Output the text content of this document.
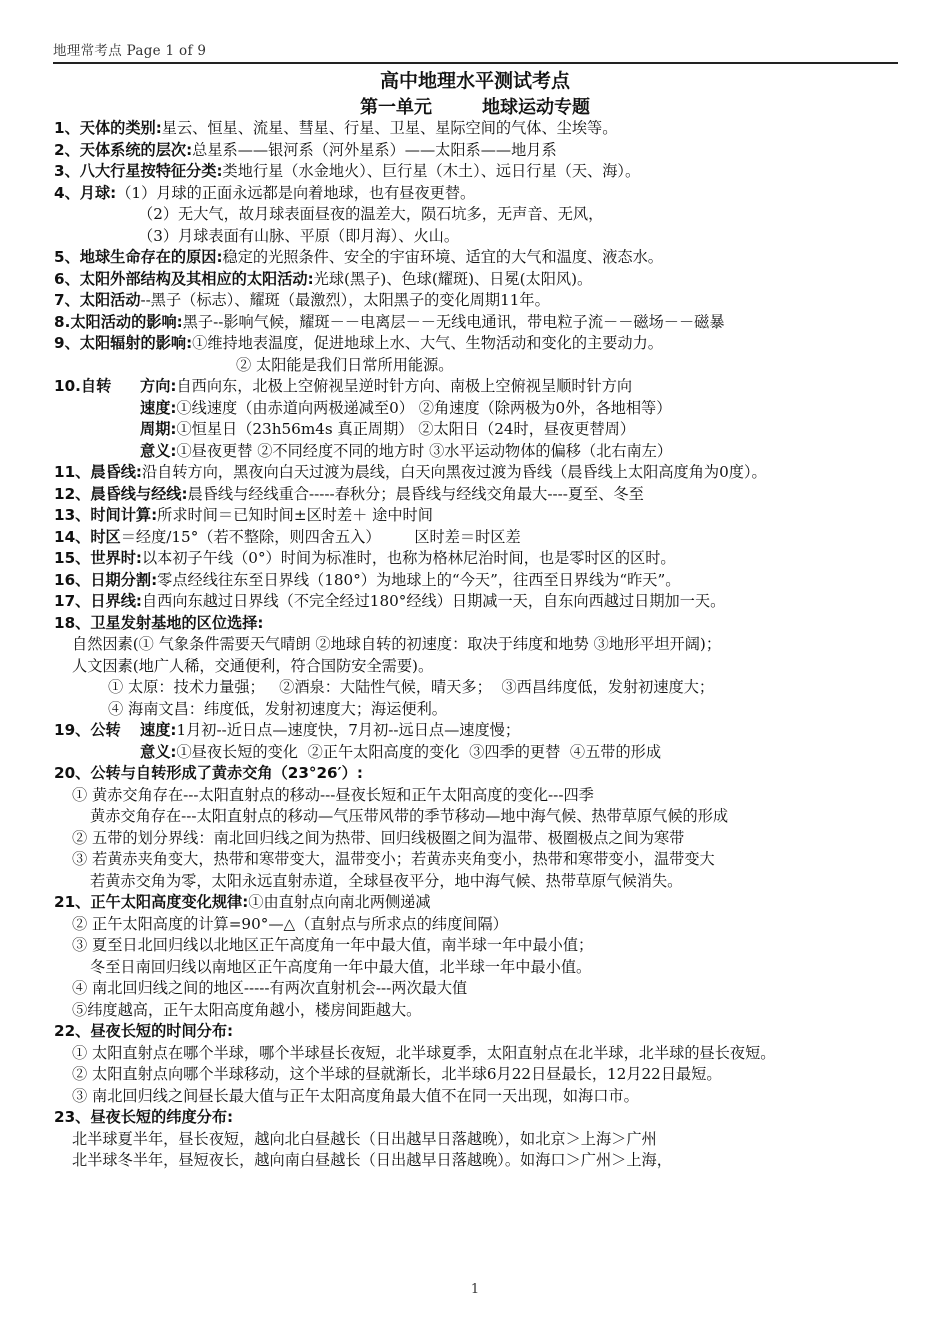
地理常考点 Page 1 of 9
高中地理水平测试考点
第一单元	地球运动专题
1、天体的类别:星云、恒星、流星、彗星、行星、卫星、星际空间的气体、尘埃等。
2、天体系统的层次:总星系——银河系（河外星系）——太阳系——地月系
3、八大行星按特征分类:类地行星（水金地火）、巨行星（木土）、远日行星（天、海）。
4、月球:（1）月球的正面永远都是向着地球，也有昼夜更替。
（2）无大气，故月球表面昼夜的温差大，陨石坑多，无声音、无风，
（3）月球表面有山脉、平原（即月海）、火山。
5、地球生命存在的原因:稳定的光照条件、安全的宇宙环境、适宜的大气和温度、液态水。
6、太阳外部结构及其相应的太阳活动:光球(黑子)、色球(耀斑)、日冕(太阳风)。
7、太阳活动--黑子（标志）、耀斑（最激烈），太阳黑子的变化周期11年。
8.太阳活动的影响:黑子--影响气候，耀斑－－电离层－－无线电通讯，带电粒子流－－磁场－－磁暴
9、太阳辐射的影响:①维持地表温度，促进地球上水、大气、生物活动和变化的主要动力。
② 太阳能是我们日常所用能源。
10.自转 方向:自西向东，北极上空俯视呈逆时针方向、南极上空俯视呈顺时针方向
速度:①线速度（由赤道向两极递减至0） ②角速度（除两极为0外，各地相等）
周期:①恒星日（23h56m4s 真正周期） ②太阳日（24时，昼夜更替周）
意义:①昼夜更替 ②不同经度不同的地方时 ③水平运动物体的偏移（北右南左）
11、晨昏线:沿自转方向，黑夜向白天过渡为晨线，白天向黑夜过渡为昏线（晨昏线上太阳高度角为0度）。
12、晨昏线与经线:晨昏线与经线重合-----春秋分；晨昏线与经线交角最大----夏至、冬至
13、时间计算:所求时间＝已知时间±区时差＋ 途中时间
14、时区＝经度/15°（若不整除，则四舍五入）       区时差＝时区差
15、世界时:以本初子午线（0°）时间为标准时，也称为格林尼治时间，也是零时区的区时。
16、日期分割:零点经线往东至日界线（180°）为地球上的“今天”，往西至日界线为“昨天”。
17、日界线:自西向东越过日界线（不完全经过180°经线）日期减一天，自东向西越过日期加一天。
18、卫星发射基地的区位选择:
自然因素(① 气象条件需要天气晴朗 ②地球自转的初速度：取决于纬度和地势 ③地形平坦开阔)；
人文因素(地广人稀，交通便利，符合国防安全需要)。
① 太原：技术力量强；   ②酒泉：大陆性气候，晴天多；  ③西昌纬度低，发射初速度大；
④ 海南文昌：纬度低，发射初速度大；海运便利。
19、公转 速度:1月初--近日点—速度快，7月初--远日点—速度慢；
意义:①昼夜长短的变化  ②正午太阳高度的变化  ③四季的更替  ④五带的形成
20、公转与自转形成了黄赤交角（23°26′）:
① 黄赤交角存在---太阳直射点的移动---昼夜长短和正午太阳高度的变化---四季
黄赤交角存在---太阳直射点的移动—气压带风带的季节移动—地中海气候、热带草原气候的形成
② 五带的划分界线：南北回归线之间为热带、回归线极圈之间为温带、极圈极点之间为寒带
③ 若黄赤夹角变大，热带和寒带变大，温带变小；若黄赤夹角变小，热带和寒带变小，温带变大
若黄赤交角为零，太阳永远直射赤道，全球昼夜平分，地中海气候、热带草原气候消失。
21、正午太阳高度变化规律:①由直射点向南北两侧递减
② 正午太阳高度的计算=90°—△（直射点与所求点的纬度间隔）
③ 夏至日北回归线以北地区正午高度角一年中最大值，南半球一年中最小值；
冬至日南回归线以南地区正午高度角一年中最大值，北半球一年中最小值。
④ 南北回归线之间的地区-----有两次直射机会---两次最大值
⑤纬度越高，正午太阳高度角越小，楼房间距越大。
22、昼夜长短的时间分布:
① 太阳直射点在哪个半球，哪个半球昼长夜短，北半球夏季，太阳直射点在北半球，北半球的昼长夜短。
② 太阳直射点向哪个半球移动，这个半球的昼就渐长，北半球6月22日昼最长，12月22日最短。
③ 南北回归线之间昼长最大值与正午太阳高度角最大值不在同一天出现，如海口市。
23、昼夜长短的纬度分布:
北半球夏半年，昼长夜短，越向北白昼越长（日出越早日落越晚），如北京＞上海＞广州
北半球冬半年，昼短夜长，越向南白昼越长（日出越早日落越晚）。如海口＞广州＞上海，
1
